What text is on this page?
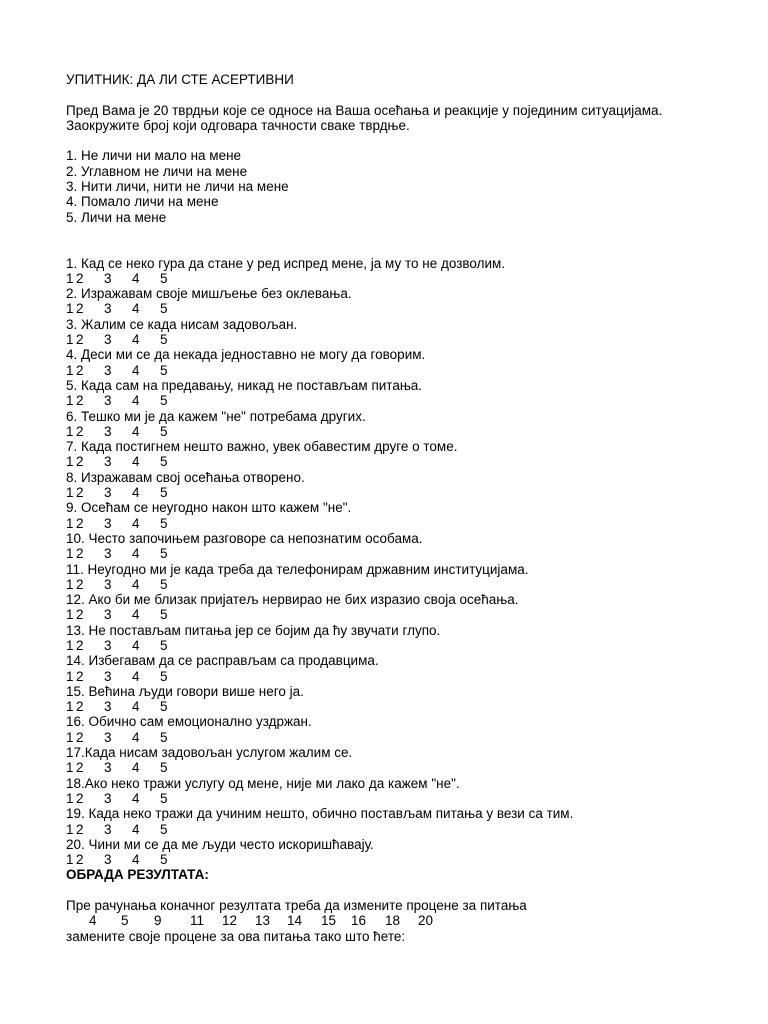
УПИТНИК: ДА ЛИ СТЕ АСЕРТИВНИ
Пред Вама је 20 тврдњи које се односе на Ваша осећања и реакције у појединим ситуацијама.
Заокружите број који одговара тачности сваке тврдње.
1. Не личи ни мало на мене
2. Углавном не личи на мене
3. Нити личи, нити не личи на мене
4. Помало личи на мене
5. Личи на мене
1. Кад се неко гура да стане у ред испред мене, ја му то не дозволим.
1 2 3 4 5
2. Изражавам своје мишљење без оклевања.
1 2 3 4 5
3. Жалим се када нисам задовољан.
1 2 3 4 5
4. Деси ми се да некада једноставно не могу да говорим.
1 2 3 4 5
5. Када сам на предавању, никад не постављам питања.
1 2 3 4 5
6. Тешко ми је да кажем "не" потребама других.
1 2 3 4 5
7. Када постигнем нешто важно, увек обавестим друге о томе.
1 2 3 4 5
8. Изражавам свој осећања отворено.
1 2 3 4 5
9. Осећам се неугодно након што кажем "не".
1 2 3 4 5
10. Често започињем разговоре са непознатим особама.
1 2 3 4 5
11. Неугодно ми је када треба да телефонирам државним институцијама.
1 2 3 4 5
12. Ако би ме близак пријатељ нервирао не бих изразио своја осећања.
1 2 3 4 5
13. Не постављам питања јер се бојим да ћу звучати глупо.
1 2 3 4 5
14. Избегавам да се расправљам са продавцима.
1 2 3 4 5
15. Већина људи говори више него ја.
1 2 3 4 5
16. Обично сам емоционално уздржан.
1 2 3 4 5
17.Када нисам задовољан услугом жалим се.
1 2 3 4 5
18.Ако неко тражи услугу од мене, није ми лако да кажем "не".
1 2 3 4 5
19. Када неко тражи да учиним нешто, обично постављам питања у вези са тим.
1 2 3 4 5
20. Чини ми се да ме људи често искоришћавају.
1 2 3 4 5
ОБРАДА РЕЗУЛТАТА:
Пре рачунања коначног резултата треба да измените процене за питања
4 5 9 11 12 13 14 15 16 18 20
замените своје процене за ова питања тако што ћете:
